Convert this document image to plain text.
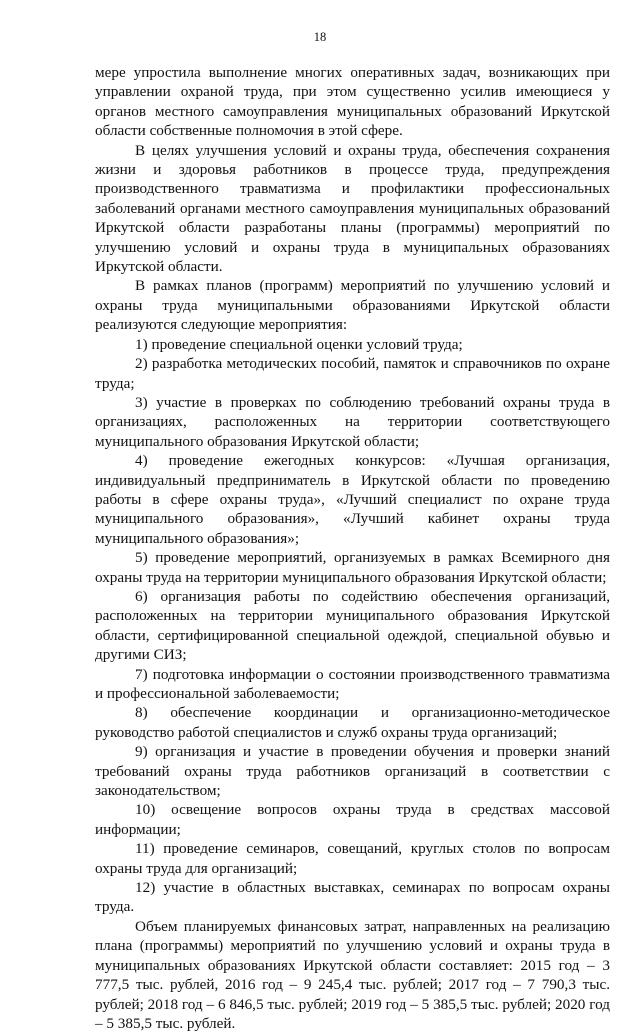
18

мере упростила выполнение многих оперативных задач, возникающих при управлении охраной труда, при этом существенно усилив имеющиеся у органов местного самоуправления муниципальных образований Иркутской области собственные полномочия в этой сфере.

В целях улучшения условий и охраны труда, обеспечения сохранения жизни и здоровья работников в процессе труда, предупреждения производственного травматизма и профилактики профессиональных заболеваний органами местного самоуправления муниципальных образований Иркутской области разработаны планы (программы) мероприятий по улучшению условий и охраны труда в муниципальных образованиях Иркутской области.

В рамках планов (программ) мероприятий по улучшению условий и охраны труда муниципальными образованиями Иркутской области реализуются следующие мероприятия:

1) проведение специальной оценки условий труда;

2) разработка методических пособий, памяток и справочников по охране труда;

3) участие в проверках по соблюдению требований охраны труда в организациях, расположенных на территории соответствующего муниципального образования Иркутской области;

4) проведение ежегодных конкурсов: «Лучшая организация, индивидуальный предприниматель в Иркутской области по проведению работы в сфере охраны труда», «Лучший специалист по охране труда муниципального образования», «Лучший кабинет охраны труда муниципального образования»;

5) проведение мероприятий, организуемых в рамках Всемирного дня охраны труда на территории муниципального образования Иркутской области;

6) организация работы по содействию обеспечения организаций, расположенных на территории муниципального образования Иркутской области, сертифицированной специальной одеждой, специальной обувью и другими СИЗ;

7) подготовка информации о состоянии производственного травматизма и профессиональной заболеваемости;

8) обеспечение координации и организационно-методическое руководство работой специалистов и служб охраны труда организаций;

9) организация и участие в проведении обучения и проверки знаний требований охраны труда работников организаций в соответствии с законодательством;

10) освещение вопросов охраны труда в средствах массовой информации;

11) проведение семинаров, совещаний, круглых столов по вопросам охраны труда для организаций;

12) участие в областных выставках, семинарах по вопросам охраны труда.

Объем планируемых финансовых затрат, направленных на реализацию плана (программы) мероприятий по улучшению условий и охраны труда в муниципальных образованиях Иркутской области составляет: 2015 год – 3 777,5 тыс. рублей, 2016 год – 9 245,4 тыс. рублей; 2017 год – 7 790,3 тыс. рублей; 2018 год – 6 846,5 тыс. рублей; 2019 год – 5 385,5 тыс. рублей; 2020 год – 5 385,5 тыс. рублей.
